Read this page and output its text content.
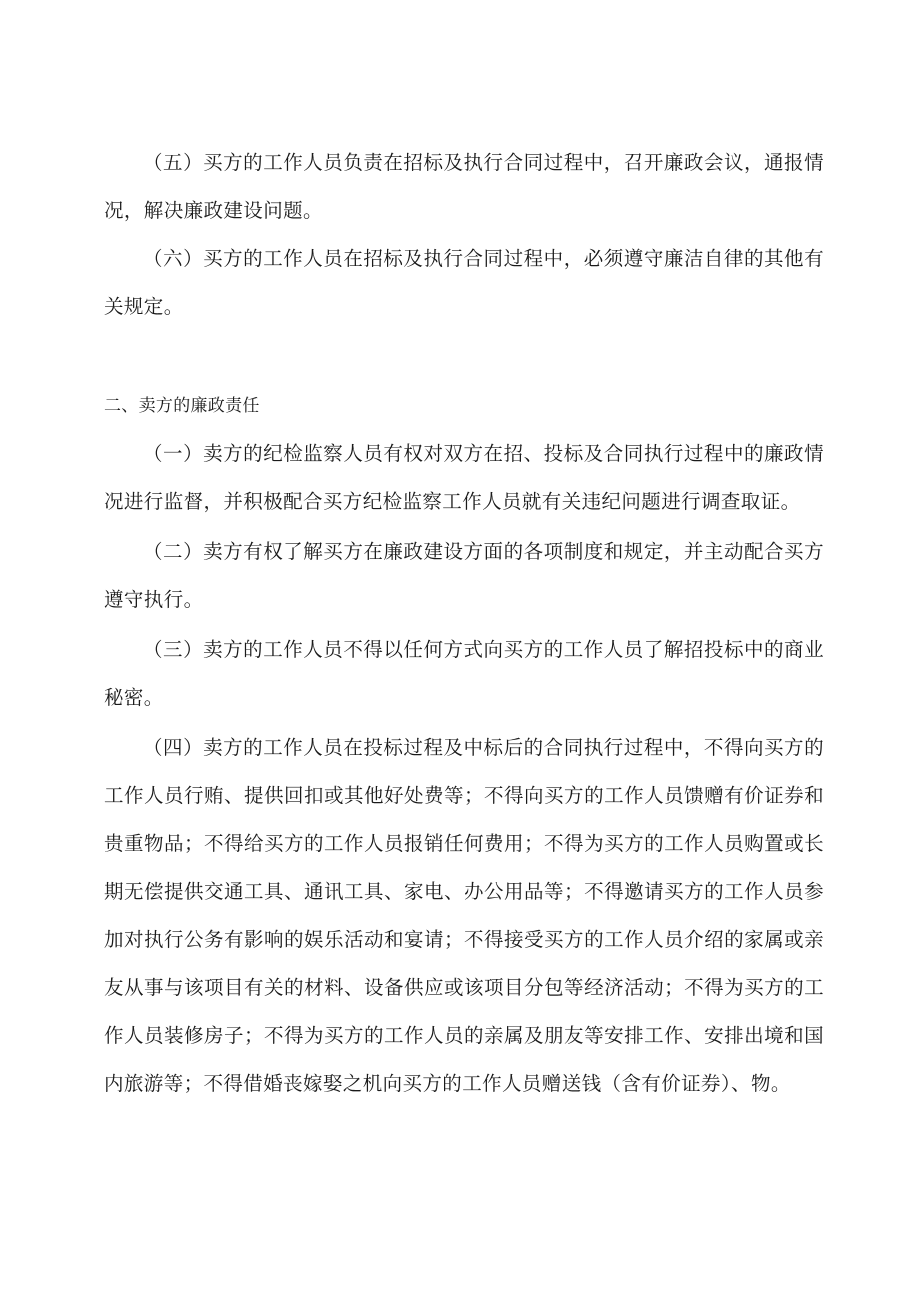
（五）买方的工作人员负责在招标及执行合同过程中，召开廉政会议，通报情况，解决廉政建设问题。

（六）买方的工作人员在招标及执行合同过程中，必须遵守廉洁自律的其他有关规定。

二、卖方的廉政责任

（一）卖方的纪检监察人员有权对双方在招、投标及合同执行过程中的廉政情况进行监督，并积极配合买方纪检监察工作人员就有关违纪问题进行调查取证。

（二）卖方有权了解买方在廉政建设方面的各项制度和规定，并主动配合买方遵守执行。

（三）卖方的工作人员不得以任何方式向买方的工作人员了解招投标中的商业秘密。

（四）卖方的工作人员在投标过程及中标后的合同执行过程中，不得向买方的工作人员行贿、提供回扣或其他好处费等；不得向买方的工作人员馈赠有价证券和贵重物品；不得给买方的工作人员报销任何费用；不得为买方的工作人员购置或长期无偿提供交通工具、通讯工具、家电、办公用品等；不得邀请买方的工作人员参加对执行公务有影响的娱乐活动和宴请；不得接受买方的工作人员介绍的家属或亲友从事与该项目有关的材料、设备供应或该项目分包等经济活动；不得为买方的工作人员装修房子；不得为买方的工作人员的亲属及朋友等安排工作、安排出境和国内旅游等；不得借婚丧嫁娶之机向买方的工作人员赠送钱（含有价证券）、物。
